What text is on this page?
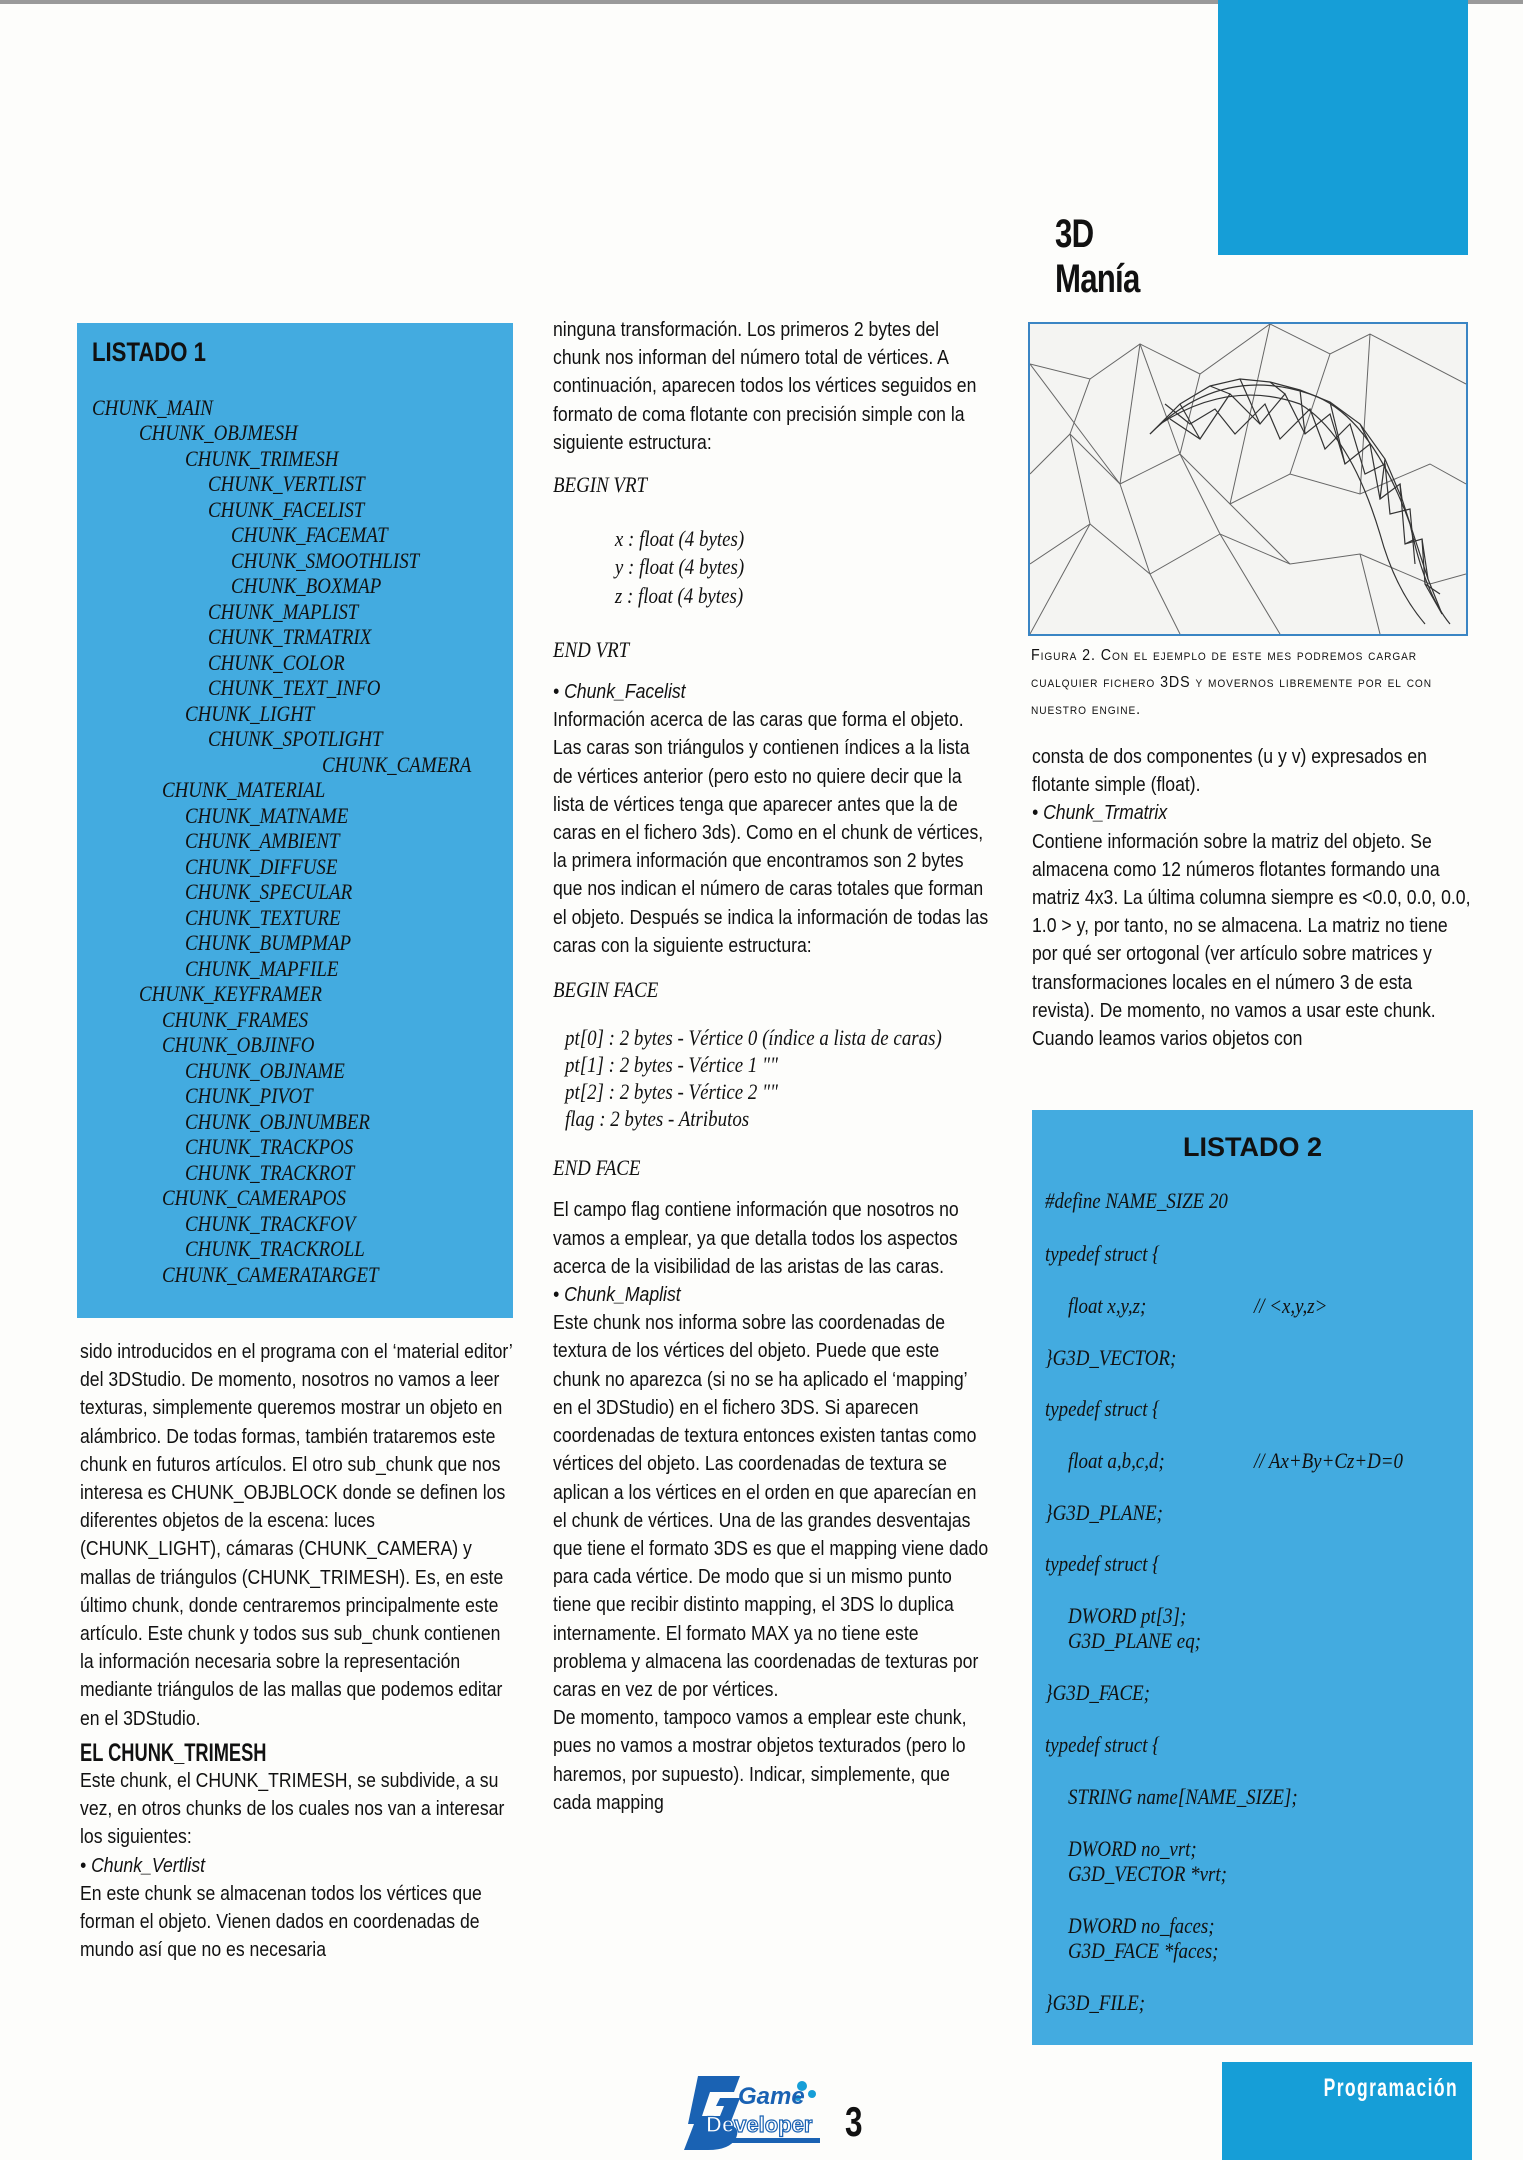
3D Manía
LISTADO 1
CHUNK_MAIN
CHUNK_OBJMESH
CHUNK_TRIMESH
CHUNK_VERTLIST
CHUNK_FACELIST
CHUNK_FACEMAT
CHUNK_SMOOTHLIST
CHUNK_BOXMAP
CHUNK_MAPLIST
CHUNK_TRMATRIX
CHUNK_COLOR
CHUNK_TEXT_INFO
CHUNK_LIGHT
CHUNK_SPOTLIGHT
CHUNK_CAMERA
CHUNK_MATERIAL
CHUNK_MATNAME
CHUNK_AMBIENT
CHUNK_DIFFUSE
CHUNK_SPECULAR
CHUNK_TEXTURE
CHUNK_BUMPMAP
CHUNK_MAPFILE
CHUNK_KEYFRAMER
CHUNK_FRAMES
CHUNK_OBJINFO
CHUNK_OBJNAME
CHUNK_PIVOT
CHUNK_OBJNUMBER
CHUNK_TRACKPOS
CHUNK_TRACKROT
CHUNK_CAMERAPOS
CHUNK_TRACKFOV
CHUNK_TRACKROLL
CHUNK_CAMERATARGET

sido introducidos en el programa con el ‘material editor’ del 3DStudio. De momento, nosotros no vamos a leer texturas, simplemente queremos mostrar un objeto en alámbrico. De todas formas, también trataremos este chunk en futuros artículos. El otro sub_chunk que nos interesa es CHUNK_OBJBLOCK donde se definen los diferentes objetos de la escena: luces (CHUNK_LIGHT), cámaras (CHUNK_CAMERA) y mallas de triángulos (CHUNK_TRIMESH). Es, en este último chunk, donde centraremos principalmente este artículo. Este chunk y todos sus sub_chunk contienen la información necesaria sobre la representación mediante triángulos de las mallas que podemos editar en el 3DStudio.

EL CHUNK_TRIMESH

Este chunk, el CHUNK_TRIMESH, se subdivide, a su vez, en otros chunks de los cuales nos van a interesar los siguientes:

• Chunk_Vertlist

En este chunk se almacenan todos los vértices que forman el objeto. Vienen dados en coordenadas de mundo así que no es necesaria

ninguna transformación. Los primeros 2 bytes del chunk nos informan del número total de vértices. A continuación, aparecen todos los vértices seguidos en formato de coma flotante con precisión simple con la siguiente estructura:

BEGIN VRT

x : float (4 bytes)

y : float (4 bytes)

z : float (4 bytes)

END VRT

• Chunk_Facelist

Información acerca de las caras que forma el objeto. Las caras son triángulos y contienen índices a la lista de vértices anterior (pero esto no quiere decir que la lista de vértices tenga que aparecer antes que la de caras en el fichero 3ds). Como en el chunk de vértices, la primera información que encontramos son 2 bytes que nos indican el número de caras totales que forman el objeto. Después se indica la información de todas las caras con la siguiente estructura:

BEGIN FACE

pt[0] : 2 bytes - Vértice 0 (índice a lista de caras)

pt[1] : 2 bytes - Vértice 1 ""

pt[2] : 2 bytes - Vértice 2 ""

flag : 2 bytes - Atributos

END FACE

El campo flag contiene información que nosotros no vamos a emplear, ya que detalla todos los aspectos acerca de la visibilidad de las aristas de las caras.

• Chunk_Maplist

Este chunk nos informa sobre las coordenadas de textura de los vértices del objeto. Puede que este chunk no aparezca (si no se ha aplicado el ‘mapping’ en el 3DStudio) en el fichero 3DS. Si aparecen coordenadas de textura entonces existen tantas como vértices del objeto. Las coordenadas de textura se aplican a los vértices en el orden en que aparecían en el chunk de vértices. Una de las grandes desventajas que tiene el formato 3DS es que el mapping viene dado para cada vértice. De modo que si un mismo punto tiene que recibir distinto mapping, el 3DS lo duplica internamente. El formato MAX ya no tiene este problema y almacena las coordenadas de texturas por caras en vez de por vértices.

De momento, tampoco vamos a emplear este chunk, pues no vamos a mostrar objetos texturados (pero lo haremos, por supuesto). Indicar, simplemente, que cada mapping

Figura 2. Con el ejemplo de este mes podremos cargar cualquier fichero 3DS y movernos libremente por el con nuestro engine.

consta de dos componentes (u y v) expresados en flotante simple (float).

• Chunk_Trmatrix

Contiene información sobre la matriz del objeto. Se almacena como 12 números flotantes formando una matriz 4x3. La última columna siempre es <0.0, 0.0, 0.0, 1.0 > y, por tanto, no se almacena. La matriz no tiene por qué ser ortogonal (ver artículo sobre matrices y transformaciones locales en el número 3 de esta revista). De momento, no vamos a usar este chunk. Cuando leamos varios objetos con

LISTADO 2
#define NAME_SIZE 20
typedef struct {
float x,y,z;	// <x,y,z>
}G3D_VECTOR;
typedef struct {
float a,b,c,d;	// Ax+By+Cz+D=0
}G3D_PLANE;
typedef struct {
DWORD pt[3];
G3D_PLANE eq;
}G3D_FACE;
typedef struct {
STRING name[NAME_SIZE];
DWORD no_vrt;
G3D_VECTOR *vrt;
DWORD no_faces;
G3D_FACE *faces;
}G3D_FILE;
Game
Developer 3
Programación
